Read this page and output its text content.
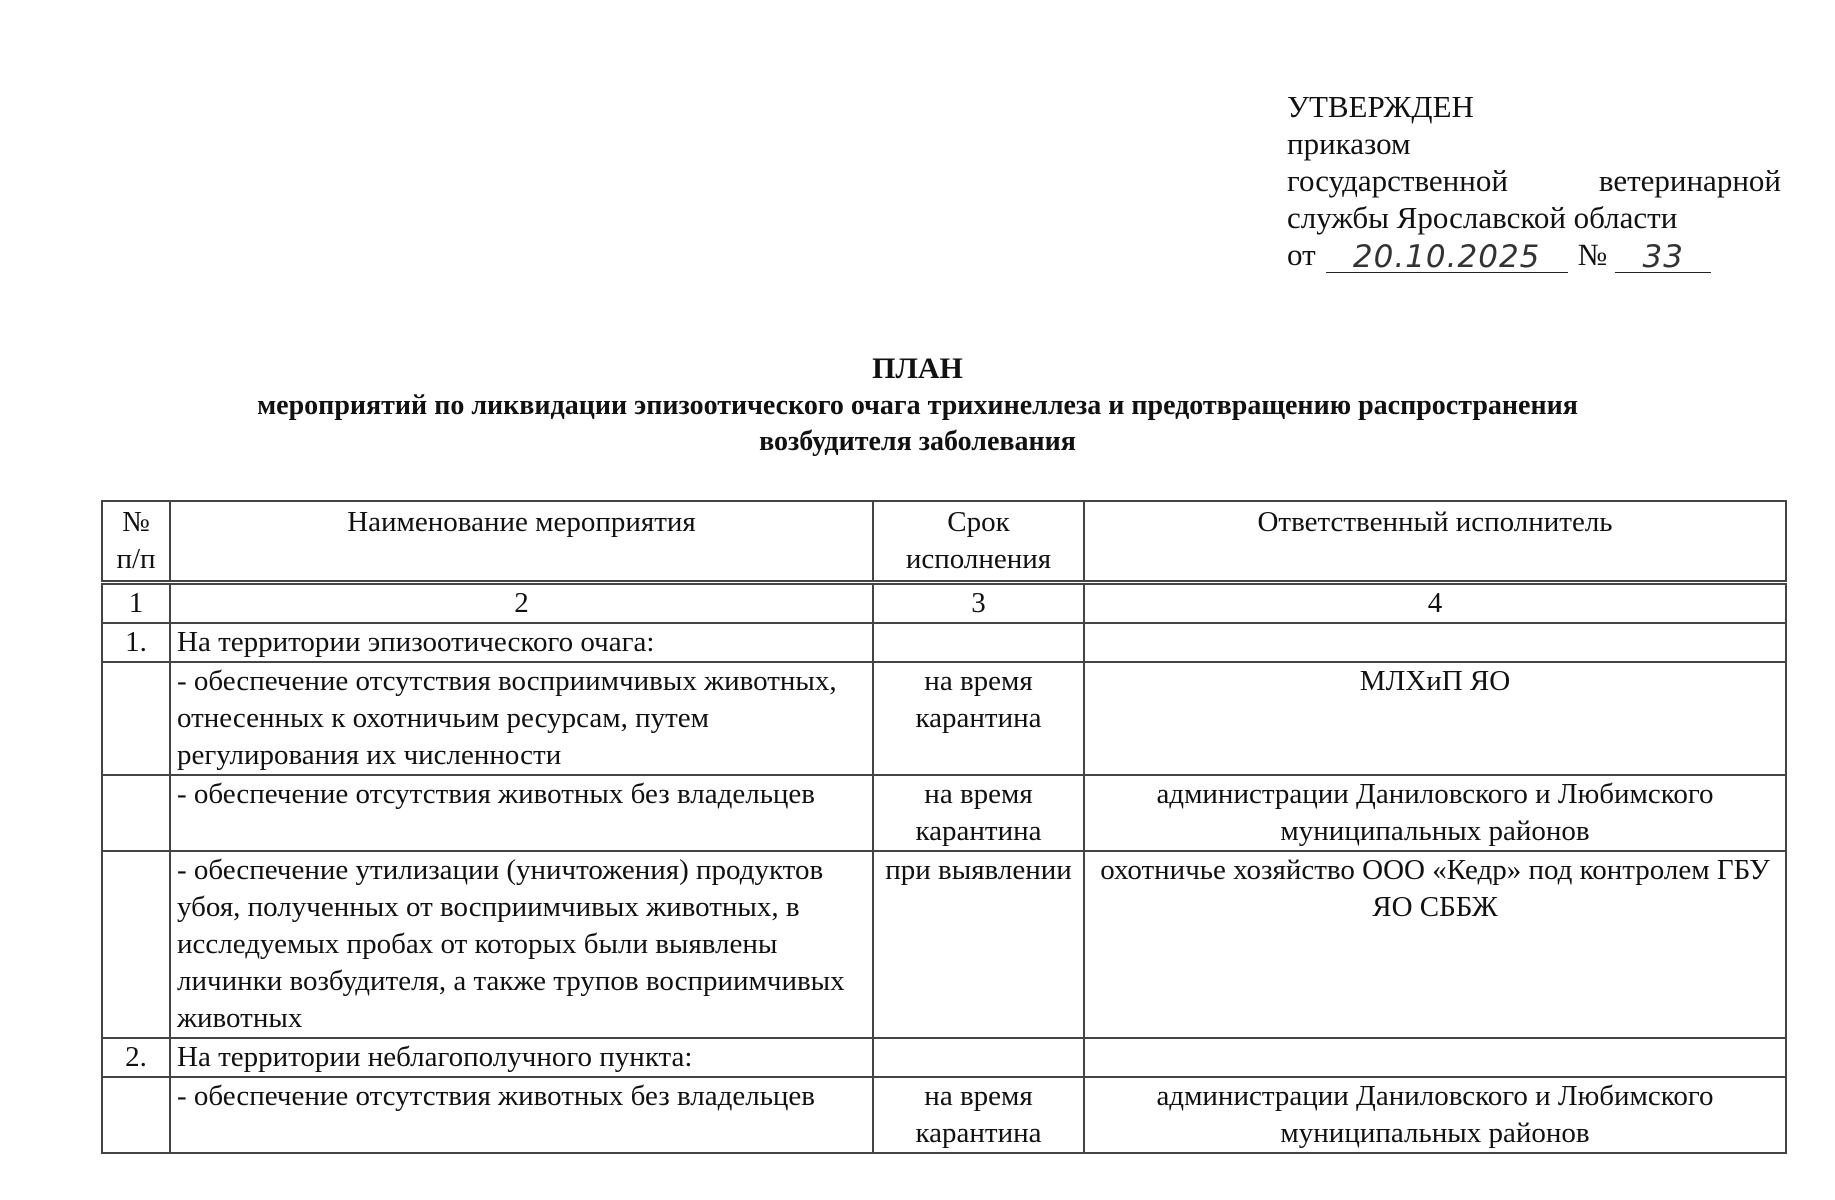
УТВЕРЖДЕН
приказом
государственной	ветеринарной
службы Ярославской области
от	20.10.2025	№	33
ПЛАН
мероприятий по ликвидации эпизоотического очага трихинеллеза и предотвращению распространения
возбудителя заболевания
№ п/п	Наименование мероприятия	Срок исполнения	Ответственный исполнитель
1	2	3	4
1.	На территории эпизоотического очага:		
	- обеспечение отсутствия восприимчивых животных, отнесенных к охотничьим ресурсам, путем регулирования их численности	на время карантина	МЛХиП ЯО
	- обеспечение отсутствия животных без владельцев	на время карантина	администрации Даниловского и Любимского муниципальных районов
	- обеспечение утилизации (уничтожения) продуктов убоя, полученных от восприимчивых животных, в исследуемых пробах от которых были выявлены личинки возбудителя, а также трупов восприимчивых животных	при выявлении	охотничье хозяйство ООО «Кедр» под контролем ГБУ ЯО СББЖ
2.	На территории неблагополучного пункта:		
	- обеспечение отсутствия животных без владельцев	на время карантина	администрации Даниловского и Любимского муниципальных районов
